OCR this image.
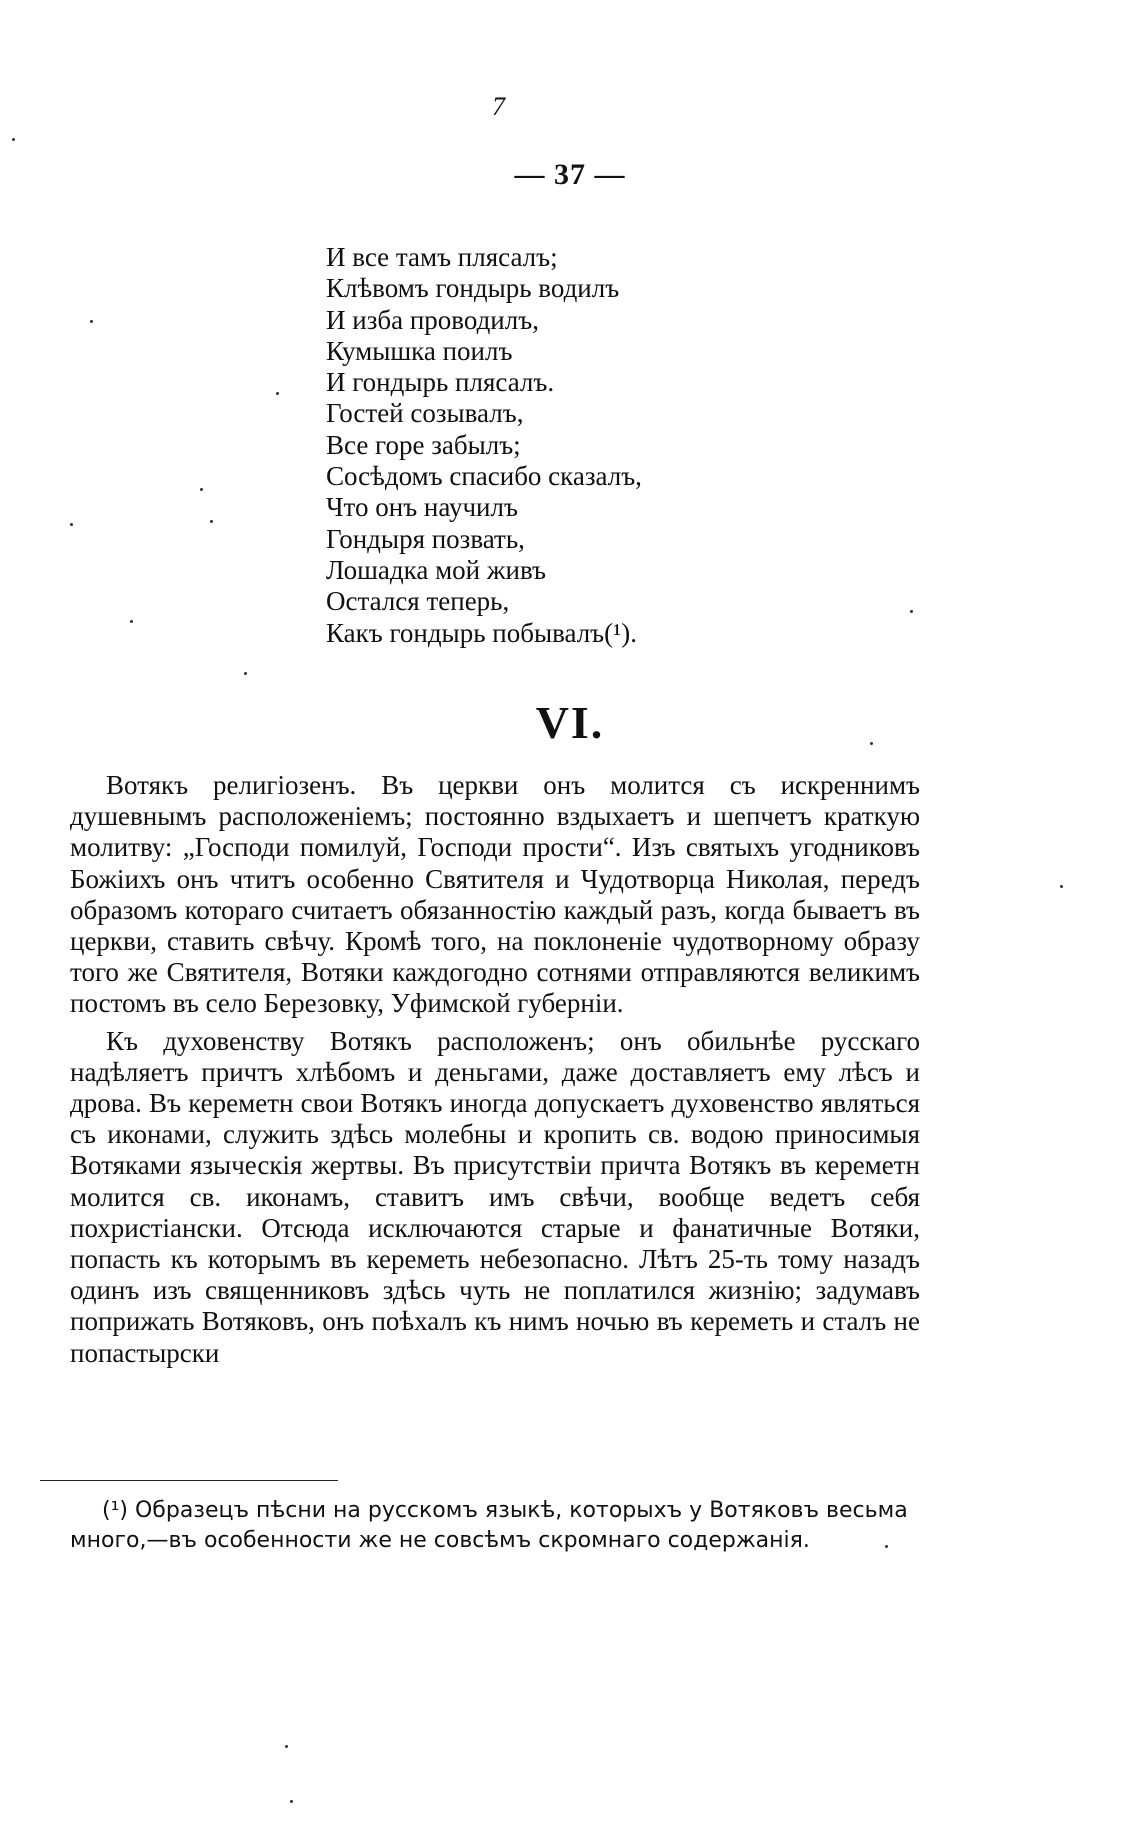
7
— 37 —
И все тамъ плясалъ;
Клѣвомъ гондырь водилъ
И изба проводилъ,
Кумышка поилъ
И гондырь плясалъ.
Гостей созывалъ,
Все горе забылъ;
Сосѣдомъ спасибо сказалъ,
Что онъ научилъ
Гондыря позвать,
Лошадка мой живъ
Остался теперь,
Какъ гондырь побывалъ(¹).
VI.

Вотякъ религіозенъ. Въ церкви онъ молится съ искреннимъ душевнымъ расположеніемъ; постоянно вздыхаетъ и шепчетъ краткую молитву: „Господи помилуй, Господи прости“. Изъ святыхъ угодниковъ Божіихъ онъ чтитъ особенно Святителя и Чудотворца Николая, передъ образомъ котораго считаетъ обязанностію каждый разъ, когда бываетъ въ церкви, ставить свѣчу. Кромѣ того, на поклоненіе чудотворному образу того же Святителя, Вотяки каждогодно сотнями отправляются великимъ постомъ въ село Березовку, Уфимской губерніи.

Къ духовенству Вотякъ расположенъ; онъ обильнѣе русскаго надѣляетъ причтъ хлѣбомъ и деньгами, даже доставляетъ ему лѣсъ и дрова. Въ кереметн свои Вотякъ иногда допускаетъ духовенство являться съ иконами, служить здѣсь молебны и кропить св. водою приносимыя Вотяками языческія жертвы. Въ присутствіи причта Вотякъ въ кереметн молится св. иконамъ, ставитъ имъ свѣчи, вообще ведетъ себя похристіански. Отсюда исключаются старые и фанатичные Вотяки, попасть къ которымъ въ кереметь небезопасно. Лѣтъ 25-ть тому назадъ одинъ изъ священниковъ здѣсь чуть не поплатился жизнію; задумавъ поприжать Вотяковъ, онъ поѣхалъ къ нимъ ночью въ кереметь и сталъ не попастырски

(¹) Образецъ пѣсни на русскомъ языкѣ, которыхъ у Вотяковъ весьма много,—въ особенности же не совсѣмъ скромнаго содержанія.
